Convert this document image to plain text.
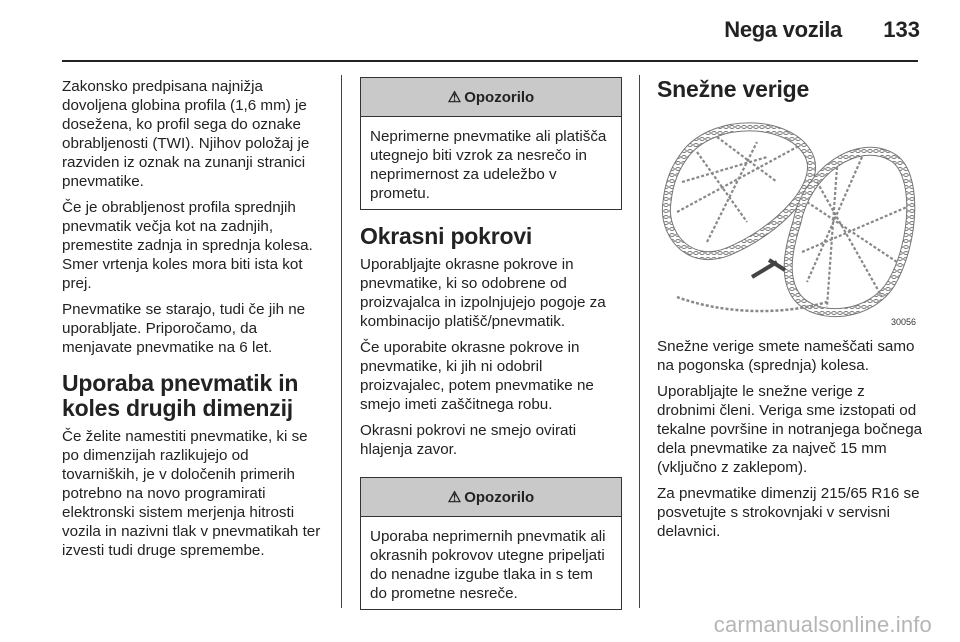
Nega vozila 133

Zakonsko predpisana najnižja dovoljena globina profila (1,6 mm) je dosežena, ko profil sega do oznake obrabljenosti (TWI). Njihov položaj je razviden iz oznak na zunanji stranici pnevmatike.

Če je obrabljenost profila sprednjih pnevmatik večja kot na zadnjih, premestite zadnja in sprednja kolesa. Smer vrtenja koles mora biti ista kot prej.

Pnevmatike se starajo, tudi če jih ne uporabljate. Priporočamo, da menjavate pnevmatike na 6 let.

Uporaba pnevmatik in koles drugih dimenzij

Če želite namestiti pnevmatike, ki se po dimenzijah razlikujejo od tovarniških, je v določenih primerih potrebno na novo programirati elektronski sistem merjenja hitrosti vozila in nazivni tlak v pnevmatikah ter izvesti tudi druge spremembe.

⚠ Opozorilo
Neprimerne pnevmatike ali platišča utegnejo biti vzrok za nesrečo in neprimernost za udeležbo v prometu.
Okrasni pokrovi

Uporabljajte okrasne pokrove in pnevmatike, ki so odobrene od proizvajalca in izpolnjujejo pogoje za kombinacijo platišč/pnevmatik.

Če uporabite okrasne pokrove in pnevmatike, ki jih ni odobril proizvajalec, potem pnevmatike ne smejo imeti zaščitnega robu.

Okrasni pokrovi ne smejo ovirati hlajenja zavor.

⚠ Opozorilo
Uporaba neprimernih pnevmatik ali okrasnih pokrovov utegne pripeljati do nenadne izgube tlaka in s tem do prometne nesreče.
Snežne verige
30056

Snežne verige smete nameščati samo na pogonska (sprednja) kolesa.

Uporabljajte le snežne verige z drobnimi členi. Veriga sme izstopati od tekalne površine in notranjega bočnega dela pnevmatike za največ 15 mm (vključno z zaklepom).

Za pnevmatike dimenzij 215/65 R16 se posvetujte s strokovnjaki v servisni delavnici.

carmanualsonline.info
